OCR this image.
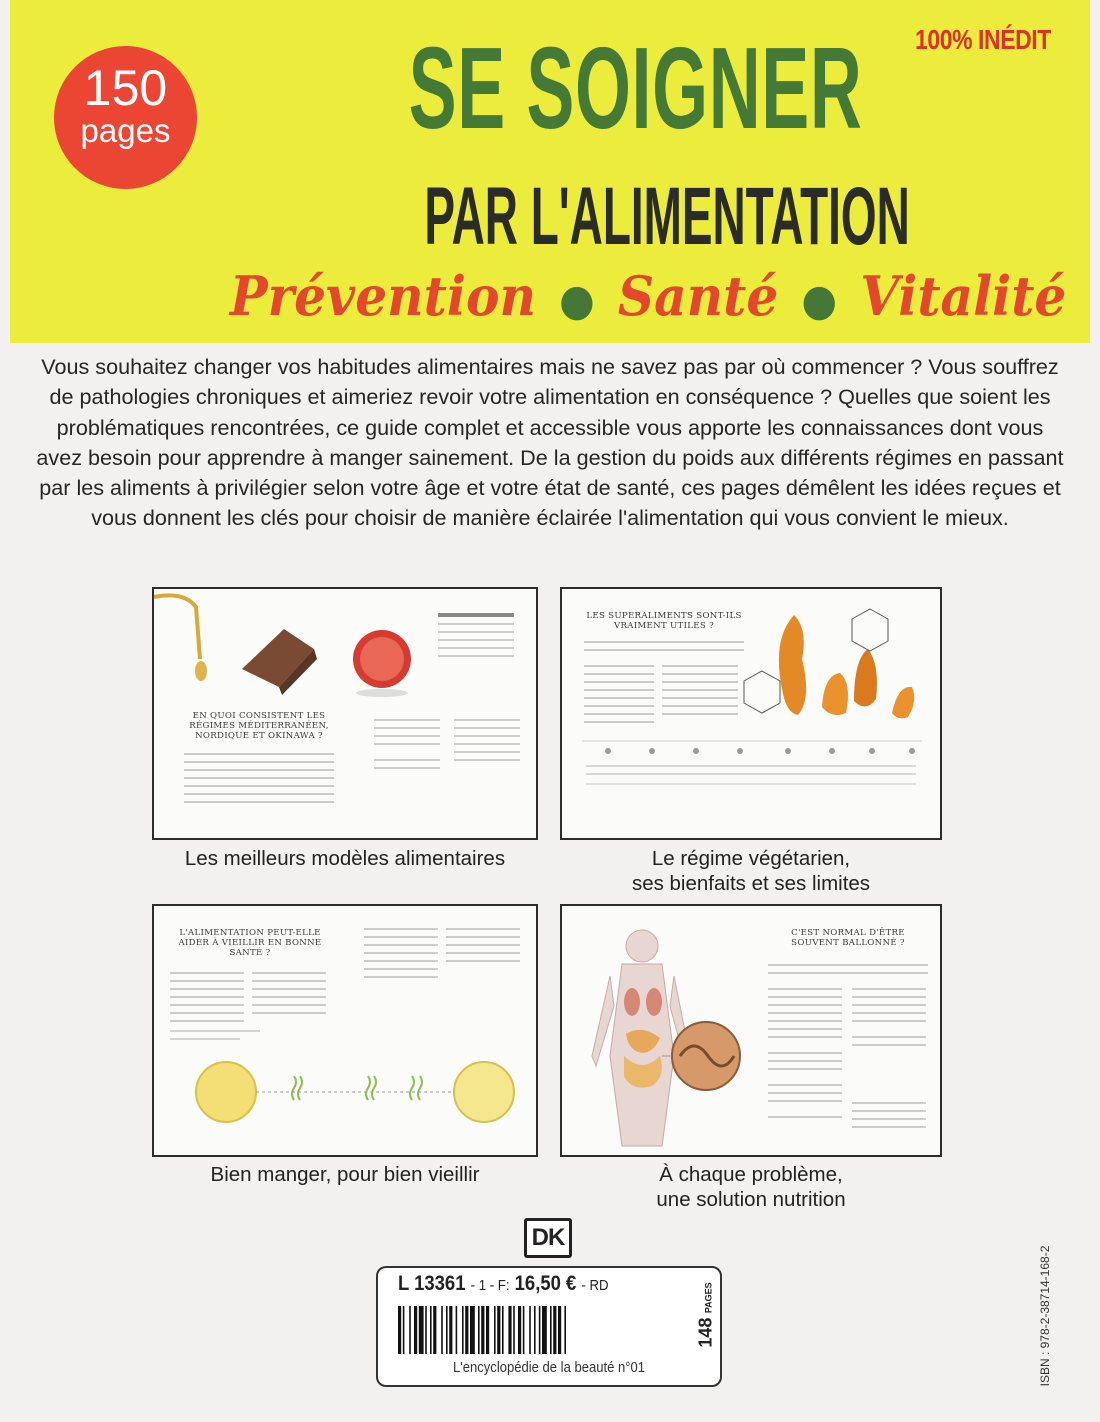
150
pages SE SOIGNER
PAR L'ALIMENTATION
100% INÉDIT
Prévention ● Santé ● Vitalité

Vous souhaitez changer vos habitudes alimentaires mais ne savez pas par où commencer ? Vous souffrez de pathologies chroniques et aimeriez revoir votre alimentation en conséquence ? Quelles que soient les problématiques rencontrées, ce guide complet et accessible vous apporte les connaissances dont vous avez besoin pour apprendre à manger sainement. De la gestion du poids aux différents régimes en passant par les aliments à privilégier selon votre âge et votre état de santé, ces pages démêlent les idées reçues et vous donnent les clés pour choisir de manière éclairée l'alimentation qui vous convient le mieux.

EN QUOI CONSISTENT LES RÉGIMES MÉDITERRANÉEN, NORDIQUE ET OKINAWA ?
Les meilleurs modèles alimentaires
LES SUPERALIMENTS SONT-ILS VRAIMENT UTILES ?
Le régime végétarien,
ses bienfaits et ses limites
L'ALIMENTATION PEUT-ELLE AIDER À VIEILLIR EN BONNE SANTÉ ?
Bien manger, pour bien vieillir
C'EST NORMAL D'ÊTRE SOUVENT BALLONNÉ ?
À chaque problème,
une solution nutrition
DK
L 13361 - 1 - F: 16,50 € - RD
148 PAGES
L'encyclopédie de la beauté n°01	ISBN : 978-2-38714-168-2
